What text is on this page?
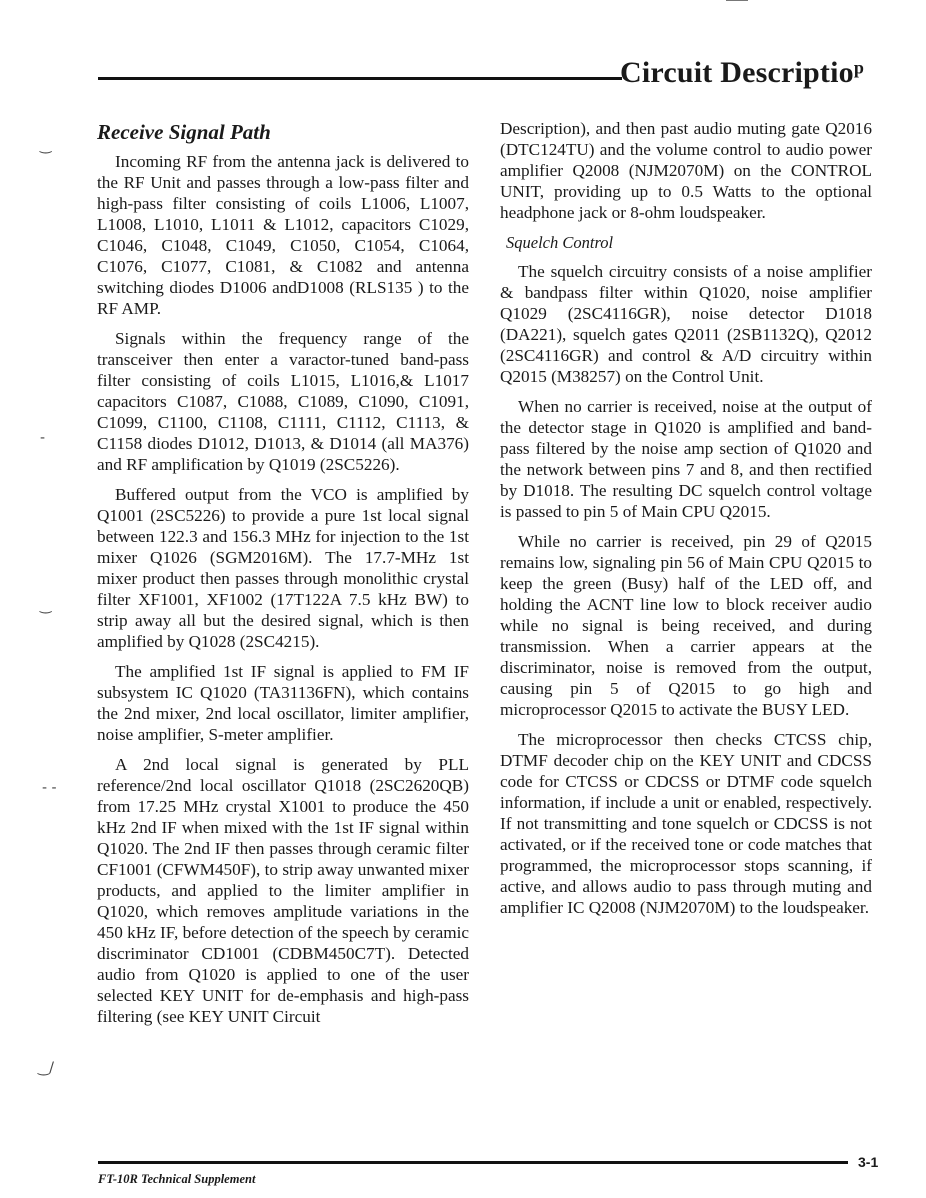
Circuit Descriptioᵖ
‿
‐
‿
- -
‿/
Receive Signal Path

Incoming RF from the antenna jack is delivered to the RF Unit and passes through a low-pass filter and high-pass filter consisting of coils L1006, L1007, L1008, L1010, L1011 & L1012, capacitors C1029, C1046, C1048, C1049, C1050, C1054, C1064, C1076, C1077, C1081, & C1082 and antenna switching diodes D1006 andD1008 (RLS135 ) to the RF AMP.

Signals within the frequency range of the transceiver then enter a varactor-tuned band-pass filter consisting of coils L1015, L1016,& L1017 capacitors C1087, C1088, C1089, C1090, C1091, C1099, C1100, C1108, C1111, C1112, C1113, & C1158 diodes D1012, D1013, & D1014 (all MA376) and RF amplification by Q1019 (2SC5226).

Buffered output from the VCO is amplified by Q1001 (2SC5226) to provide a pure 1st local signal between 122.3 and 156.3 MHz for injection to the 1st mixer Q1026 (SGM2016M). The 17.7-MHz 1st mixer product then passes through monolithic crystal filter XF1001, XF1002 (17T122A 7.5 kHz BW) to strip away all but the desired signal, which is then amplified by Q1028 (2SC4215).

The amplified 1st IF signal is applied to FM IF subsystem IC Q1020 (TA31136FN), which contains the 2nd mixer, 2nd local oscillator, limiter amplifier, noise amplifier, S-meter amplifier.

A 2nd local signal is generated by PLL reference/2nd local oscillator Q1018 (2SC2620QB) from 17.25 MHz crystal X1001 to produce the 450 kHz 2nd IF when mixed with the 1st IF signal within Q1020. The 2nd IF then passes through ceramic filter CF1001 (CFWM450F), to strip away unwanted mixer products, and applied to the limiter amplifier in Q1020, which removes amplitude variations in the 450 kHz IF, before detection of the speech by ceramic discriminator CD1001 (CDBM450C7T). Detected audio from Q1020 is applied to one of the user selected KEY UNIT for de-emphasis and high-pass filtering (see KEY UNIT Circuit

Description), and then past audio muting gate Q2016 (DTC124TU) and the volume control to audio power amplifier Q2008 (NJM2070M) on the CONTROL UNIT, providing up to 0.5 Watts to the optional headphone jack or 8-ohm loudspeaker.

Squelch Control

The squelch circuitry consists of a noise amplifier & bandpass filter within Q1020, noise amplifier Q1029 (2SC4116GR), noise detector D1018 (DA221), squelch gates Q2011 (2SB1132Q), Q2012 (2SC4116GR) and control & A/D circuitry within Q2015 (M38257) on the Control Unit.

When no carrier is received, noise at the output of the detector stage in Q1020 is amplified and band-pass filtered by the noise amp section of Q1020 and the network between pins 7 and 8, and then rectified by D1018. The resulting DC squelch control voltage is passed to pin 5 of Main CPU Q2015.

While no carrier is received, pin 29 of Q2015 remains low, signaling pin 56 of Main CPU Q2015 to keep the green (Busy) half of the LED off, and holding the ACNT line low to block receiver audio while no signal is being received, and during transmission. When a carrier appears at the discriminator, noise is removed from the output, causing pin 5 of Q2015 to go high and microprocessor Q2015 to activate the BUSY LED.

The microprocessor then checks CTCSS chip, DTMF decoder chip on the KEY UNIT and CDCSS code for CTCSS or CDCSS or DTMF code squelch information, if include a unit or enabled, respectively. If not transmitting and tone squelch or CDCSS is not activated, or if the received tone or code matches that programmed, the microprocessor stops scanning, if active, and allows audio to pass through muting and amplifier IC Q2008 (NJM2070M) to the loudspeaker.

3-1
FT-10R Technical Supplement
